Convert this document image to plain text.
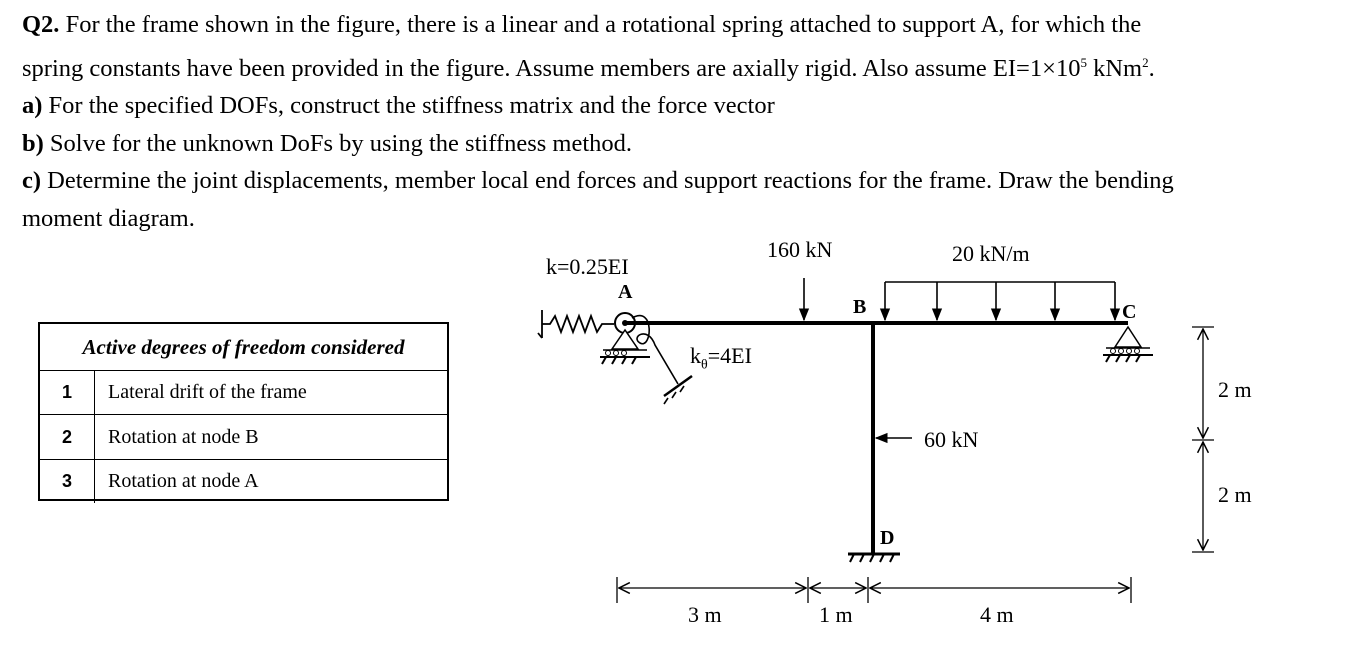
Q2. For the frame shown in the figure, there is a linear and a rotational spring attached to support A, for which the

spring constants have been provided in the figure. Assume members are axially rigid. Also assume $EI=1\times 10^5$ kNm$^2$.

a) For the specified DOFs, construct the stiffness matrix and the force vector

b) Solve for the unknown DoFs by using the stiffness method.

c) Determine the joint displacements, member local end forces and support reactions for the frame. Draw the bending

moment diagram.

Active degrees of freedom considered
1	Lateral drift of the frame
2	Rotation at node B
3	Rotation at node A
k=0.25EI
A
$k_\theta=4EI$
160 kN	20 kN/m
B	C
60 kN
D
3 m	1 m	4 m
2 m
2 m
